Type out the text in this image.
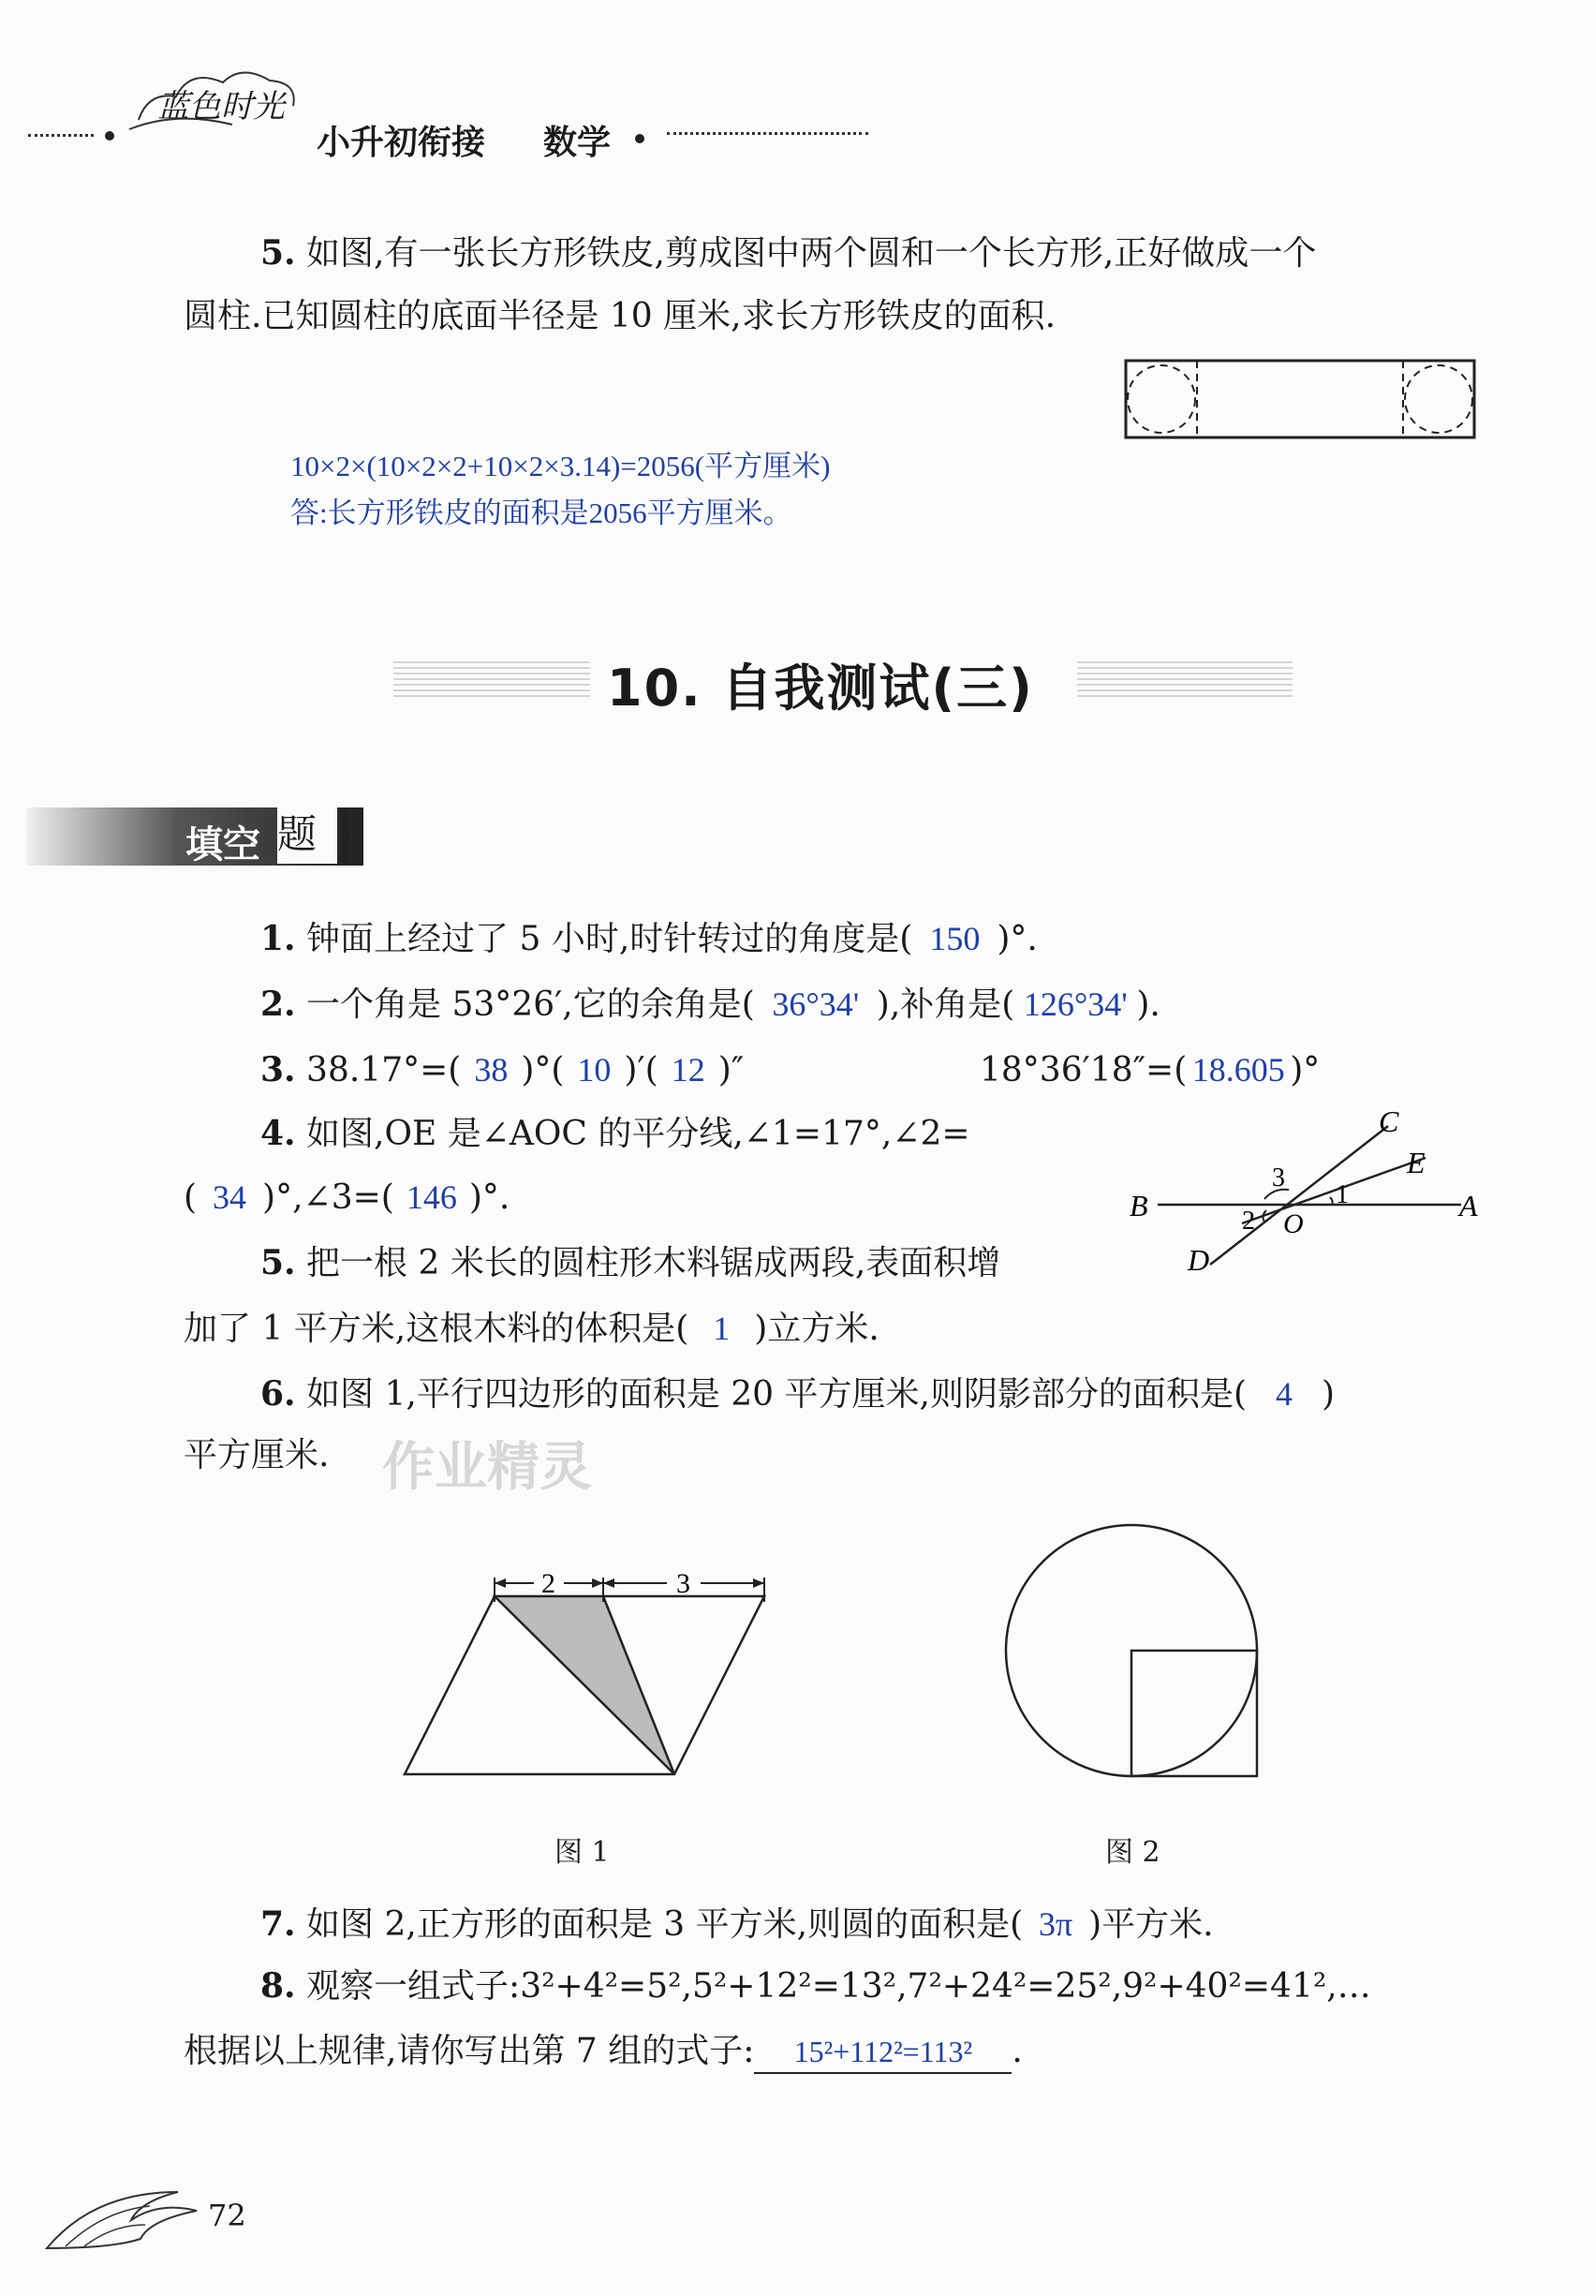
蓝色时光
小升初衔接 数学
5. 如图,有一张长方形铁皮,剪成图中两个圆和一个长方形,正好做成一个
圆柱.已知圆柱的底面半径是 10 厘米,求长方形铁皮的面积.
10×2×(10×2×2+10×2×3.14)=2056(平方厘米)
答:长方形铁皮的面积是2056平方厘米。
10. 自我测试(三)
填空 题
1. 钟面上经过了 5 小时,时针转过的角度是( 150 )°.
2. 一个角是 53°26′,它的余角是( 36°34' ),补角是( 126°34' ).
3. 38.17°=( 38 )°( 10 )′( 12 )″	18°36′18″=( 18.605 )°
4. 如图,OE 是∠AOC 的平分线,∠1=17°,∠2=
( 34 )°,∠3=( 146 )°.
C
E
B	A
D
O
1
2
3
5. 把一根 2 米长的圆柱形木料锯成两段,表面积增
加了 1 平方米,这根木料的体积是( 1 )立方米.
6. 如图 1,平行四边形的面积是 20 平方厘米,则阴影部分的面积是( 4 )
平方厘米. 作业精灵
2	3
图 1	图 2
7. 如图 2,正方形的面积是 3 平方米,则圆的面积是( 3π )平方米.
8. 观察一组式子:3²+4²=5²,5²+12²=13²,7²+24²=25²,9²+40²=41²,…
根据以上规律,请你写出第 7 组的式子: 15²+112²=113² .
72
